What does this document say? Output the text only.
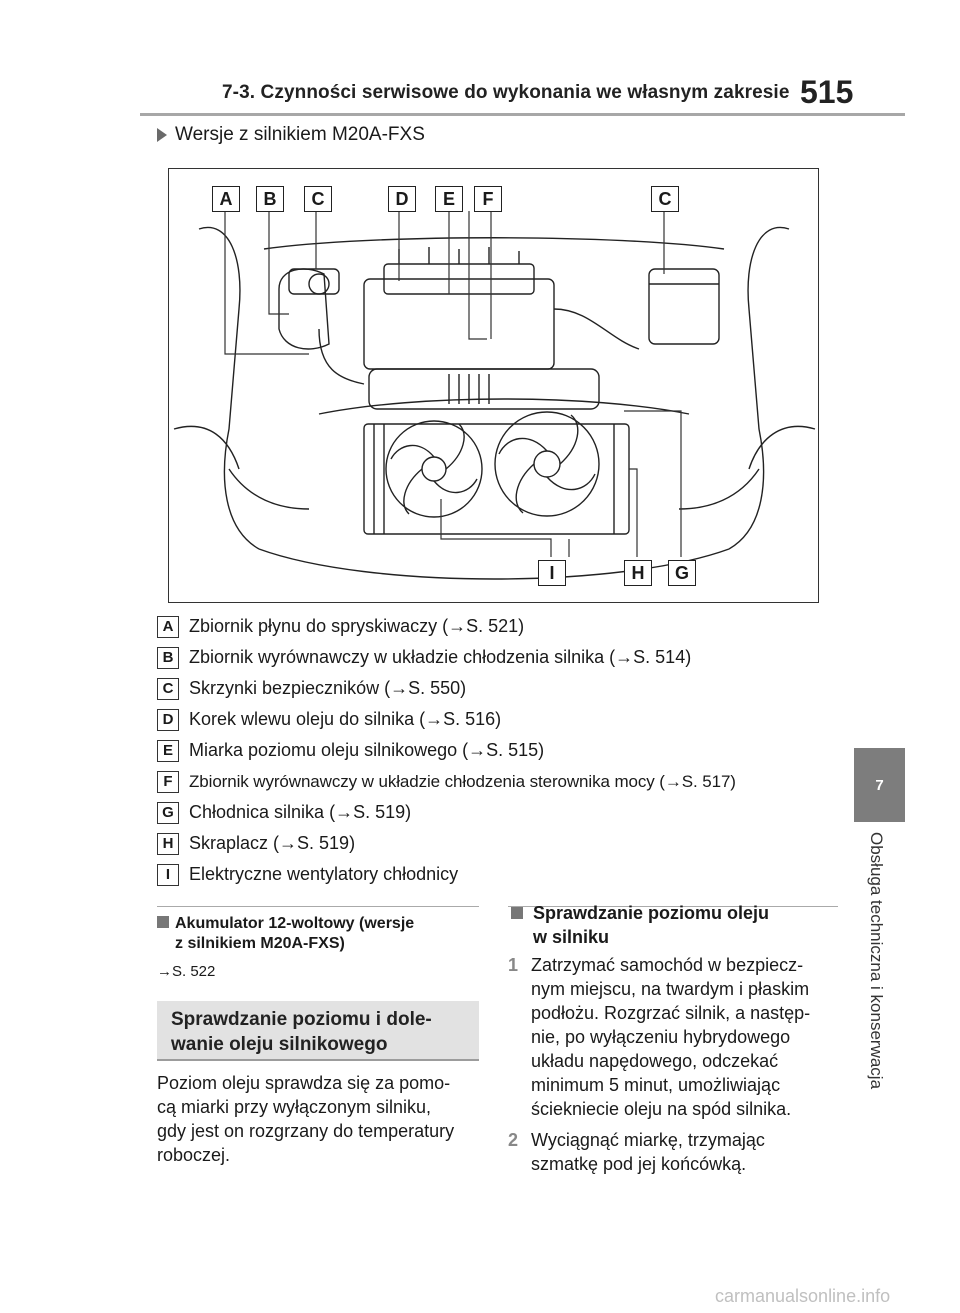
7-3. Czynności serwisowe do wykonania we własnym zakresie 515
7
Obsługa techniczna i konserwacja
Wersje z silnikiem M20A-FXS
A	B	C	D	E	F	C
I	H	G
A Zbiornik płynu do spryskiwaczy (→S. 521)
B Zbiornik wyrównawczy w układzie chłodzenia silnika (→S. 514)
C Skrzynki bezpieczników (→S. 550)
D Korek wlewu oleju do silnika (→S. 516)
E Miarka poziomu oleju silnikowego (→S. 515)
F Zbiornik wyrównawczy w układzie chłodzenia sterownika mocy (→S. 517)
G Chłodnica silnika (→S. 519)
H Skraplacz (→S. 519)
I	Elektryczne wentylatory chłodnicy
Akumulator 12-woltowy (wersje
z silnikiem M20A-FXS)
→S. 522
Sprawdzanie poziomu i dole-
wanie oleju silnikowego
Poziom oleju sprawdza się za pomo-
cą miarki przy wyłączonym silniku,
gdy jest on rozgrzany do temperatury
roboczej.
Sprawdzanie poziomu oleju
w silniku
1 Zatrzymać samochód w bezpiecz-
nym miejscu, na twardym i płaskim
podłożu. Rozgrzać silnik, a następ-
nie, po wyłączeniu hybrydowego
układu napędowego, odczekać
minimum 5 minut, umożliwiając
ściekniecie oleju na spód silnika.
2 Wyciągnąć miarkę, trzymając
szmatkę pod jej końcówką.
carmanualsonline.info
